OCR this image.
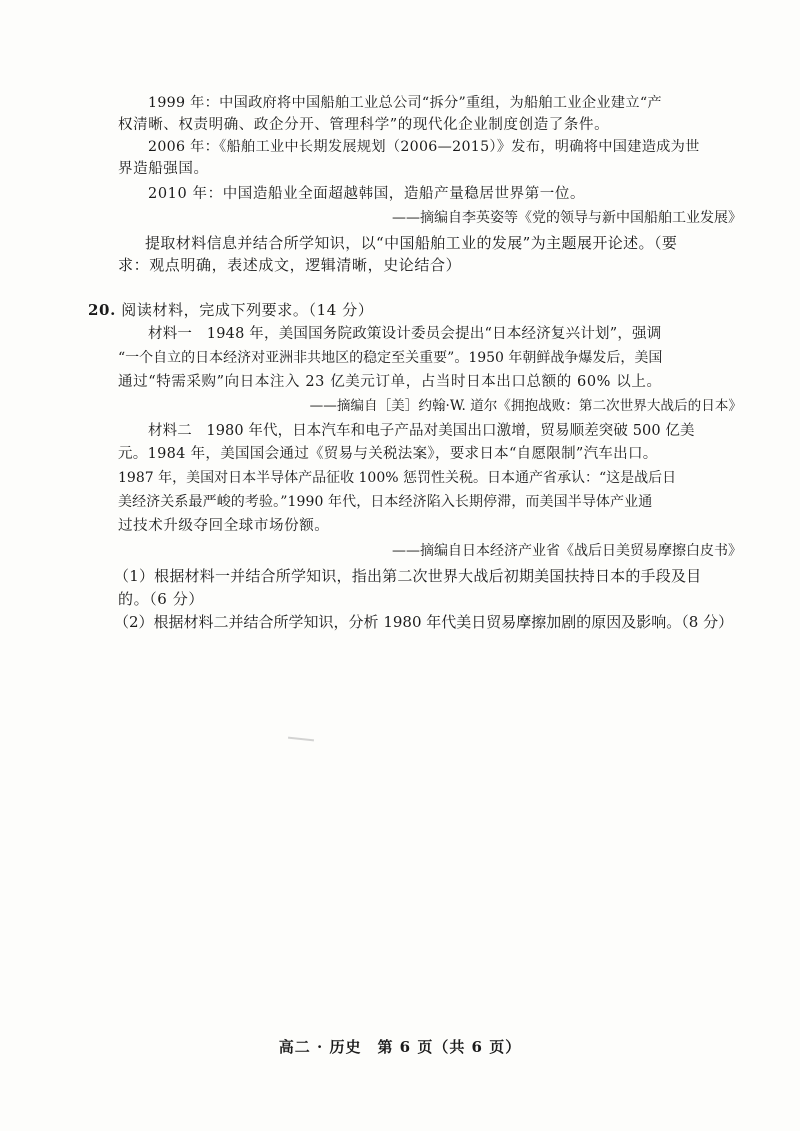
1999 年：中国政府将中国船舶工业总公司“拆分”重组，为船舶工业企业建立“产
权清晰、权责明确、政企分开、管理科学”的现代化企业制度创造了条件。
2006 年：《船舶工业中长期发展规划（2006—2015）》发布，明确将中国建造成为世
界造船强国。
2010 年：中国造船业全面超越韩国，造船产量稳居世界第一位。
——摘编自李英姿等《党的领导与新中国船舶工业发展》
提取材料信息并结合所学知识，以“中国船舶工业的发展”为主题展开论述。（要
求：观点明确，表述成文，逻辑清晰，史论结合）
20. 阅读材料，完成下列要求。（14 分）
材料一　1948 年，美国国务院政策设计委员会提出“日本经济复兴计划”，强调
“一个自立的日本经济对亚洲非共地区的稳定至关重要”。1950 年朝鲜战争爆发后，美国
通过“特需采购”向日本注入 23 亿美元订单，占当时日本出口总额的 60% 以上。
——摘编自［美］约翰·W. 道尔《拥抱战败：第二次世界大战后的日本》
材料二　1980 年代，日本汽车和电子产品对美国出口激增，贸易顺差突破 500 亿美
元。1984 年，美国国会通过《贸易与关税法案》，要求日本“自愿限制”汽车出口。
1987 年，美国对日本半导体产品征收 100% 惩罚性关税。日本通产省承认：“这是战后日
美经济关系最严峻的考验。”1990 年代，日本经济陷入长期停滞，而美国半导体产业通
过技术升级夺回全球市场份额。
——摘编自日本经济产业省《战后日美贸易摩擦白皮书》
（1）根据材料一并结合所学知识，指出第二次世界大战后初期美国扶持日本的手段及目
的。（6 分）
（2）根据材料二并结合所学知识，分析 1980 年代美日贸易摩擦加剧的原因及影响。（8 分）
高二 · 历史　第 6 页（共 6 页）
